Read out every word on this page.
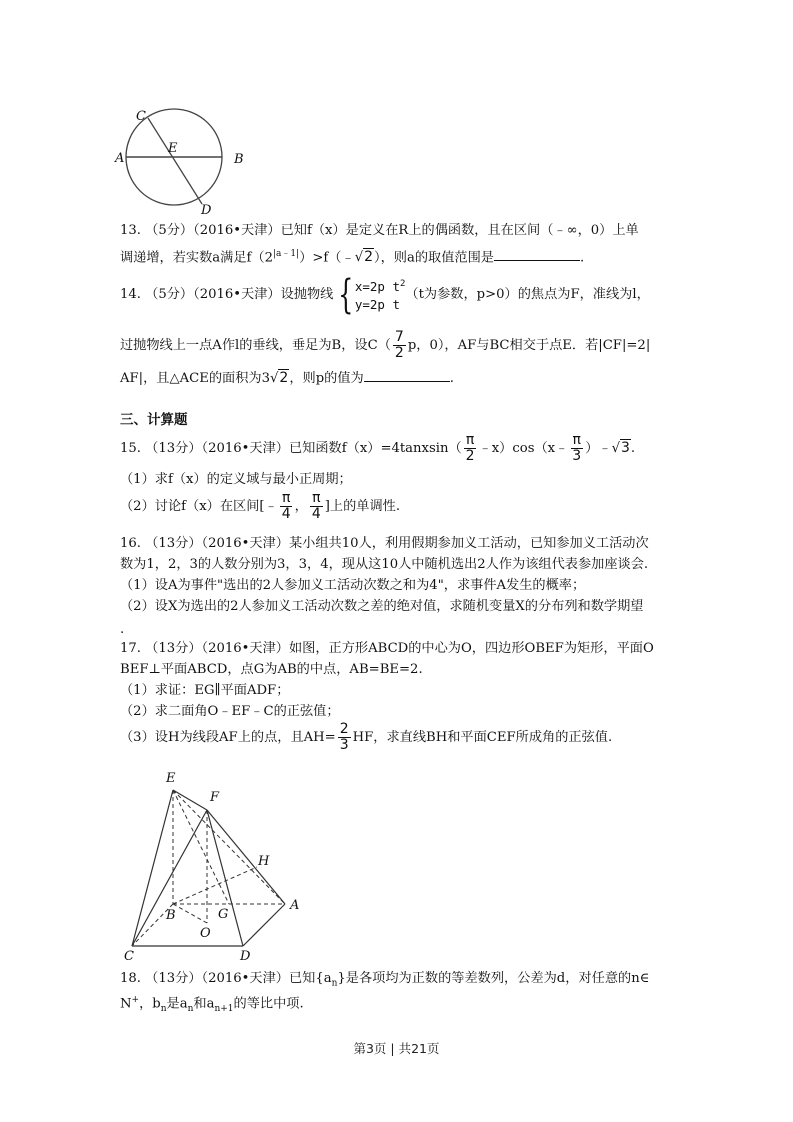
C
E
A	B
D
13. （5分）（2016•天津）已知f（x）是定义在R上的偶函数，且在区间（﹣∞，0）上单
调递增，若实数a满足$f(2^{|a﹣1|})>f(﹣√2)$，则a的取值范围是	.
14. （5分）（2016•天津）设抛物线 { x=2p $t^2$
y=2p t
（t为参数，p>0）的焦点为F，准线为l，
过抛物线上一点A作l的垂线，垂足为B，设$C( \frac{7}{2}$ p，0），AF与BC相交于点E．若|CF|=2|
AF|，且△ACE的面积为3√2，则p的值为	.
三、计算题
15. （13分）（2016•天津）已知函数f（x）=4tanxsin（ $\frac{\pi}{2}$ ﹣x）cos（x﹣ $\frac{\pi}{3}$ ）﹣√3.
（1）求f（x）的定义域与最小正周期；
（2）讨论f（x）在区间[﹣ $\frac{\pi}{4}$ ， $\frac{\pi}{4}$ ]上的单调性.
16. （13分）（2016•天津）某小组共10人，利用假期参加义工活动，已知参加义工活动次
数为1，2，3的人数分别为3，3，4，现从这10人中随机选出2人作为该组代表参加座谈会.
（1）设A为事件"选出的2人参加义工活动次数之和为4"，求事件A发生的概率；
（2）设X为选出的2人参加义工活动次数之差的绝对值，求随机变量X的分布列和数学期望
.
17. （13分）（2016•天津）如图，正方形ABCD的中心为O，四边形OBEF为矩形，平面O
BEF⊥平面ABCD，点G为AB的中点，AB=BE=2.
（1）求证：EG∥平面ADF；
（2）求二面角O﹣EF﹣C的正弦值；
（3）设H为线段AF上的点，且$AH= \frac{2}{3}$ HF，求直线BH和平面CEF所成角的正弦值.
E
F
H
A
B	G
O
C	D
18. （13分）（2016•天津）已知$\{a_n\}$是各项均为正数的等差数列，公差为d，对任意的n∈
N+，$b_n$是$a_n$和$a_{n+1}$的等比中项.
第3页 | 共21页
